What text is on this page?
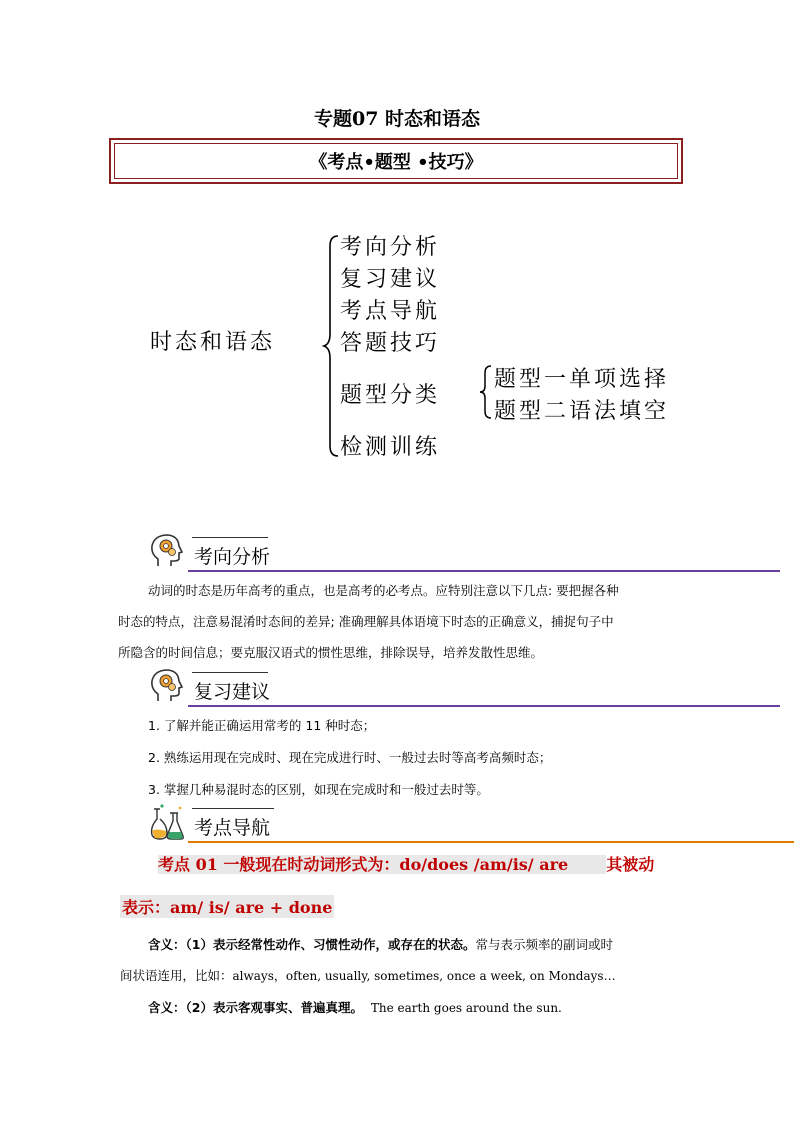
专题07 时态和语态
《考点•题型 •技巧》
时态和语态
考向分析
复习建议
考点导航
答题技巧
题型分类
检测训练
题型一单项选择
题型二语法填空
考向分析
动词的时态是历年高考的重点，也是高考的必考点。应特别注意以下几点: 要把握各种
时态的特点，注意易混淆时态间的差异; 准确理解具体语境下时态的正确意义，捕捉句子中
所隐含的时间信息；要克服汉语式的惯性思维，排除误导，培养发散性思维。
复习建议
1. 了解并能正确运用常考的 11 种时态；
2. 熟练运用现在完成时、现在完成进行时、一般过去时等高考高频时态；
3. 掌握几种易混时态的区别，如现在完成时和一般过去时等。
考点导航
考点 01 一般现在时动词形式为：do/does /am/is/ are 其被动
表示：am/ is/ are + done
含义：（1）表示经常性动作、习惯性动作，或存在的状态。常与表示频率的副词或时
间状语连用，比如：always，often, usually, sometimes, once a week, on Mondays…
含义：（2）表示客观事实、普遍真理。 The earth goes around the sun.
